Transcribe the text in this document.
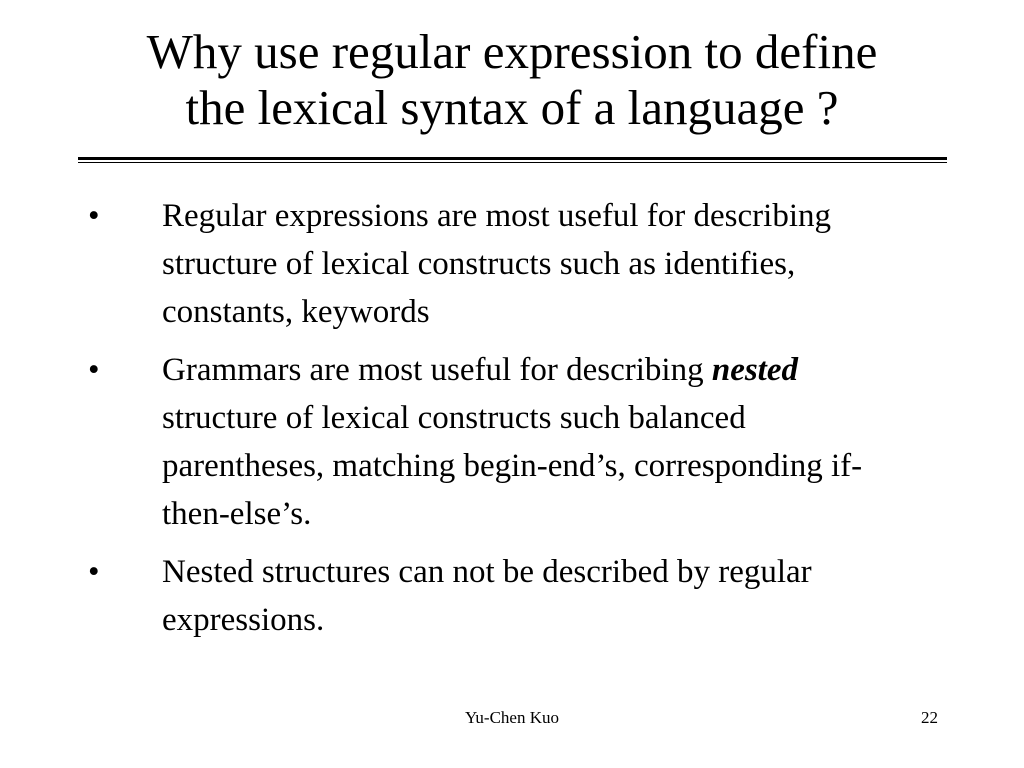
Why use regular expression to define
the lexical syntax of a language ?
• Regular expressions are most useful for describing structure of lexical constructs such as identifies, constants, keywords
• Grammars are most useful for describing nested structure of lexical constructs such balanced parentheses, matching begin-end’s, corresponding if-then-else’s.
• Nested structures can not be described by regular expressions.
Yu-Chen Kuo	22
